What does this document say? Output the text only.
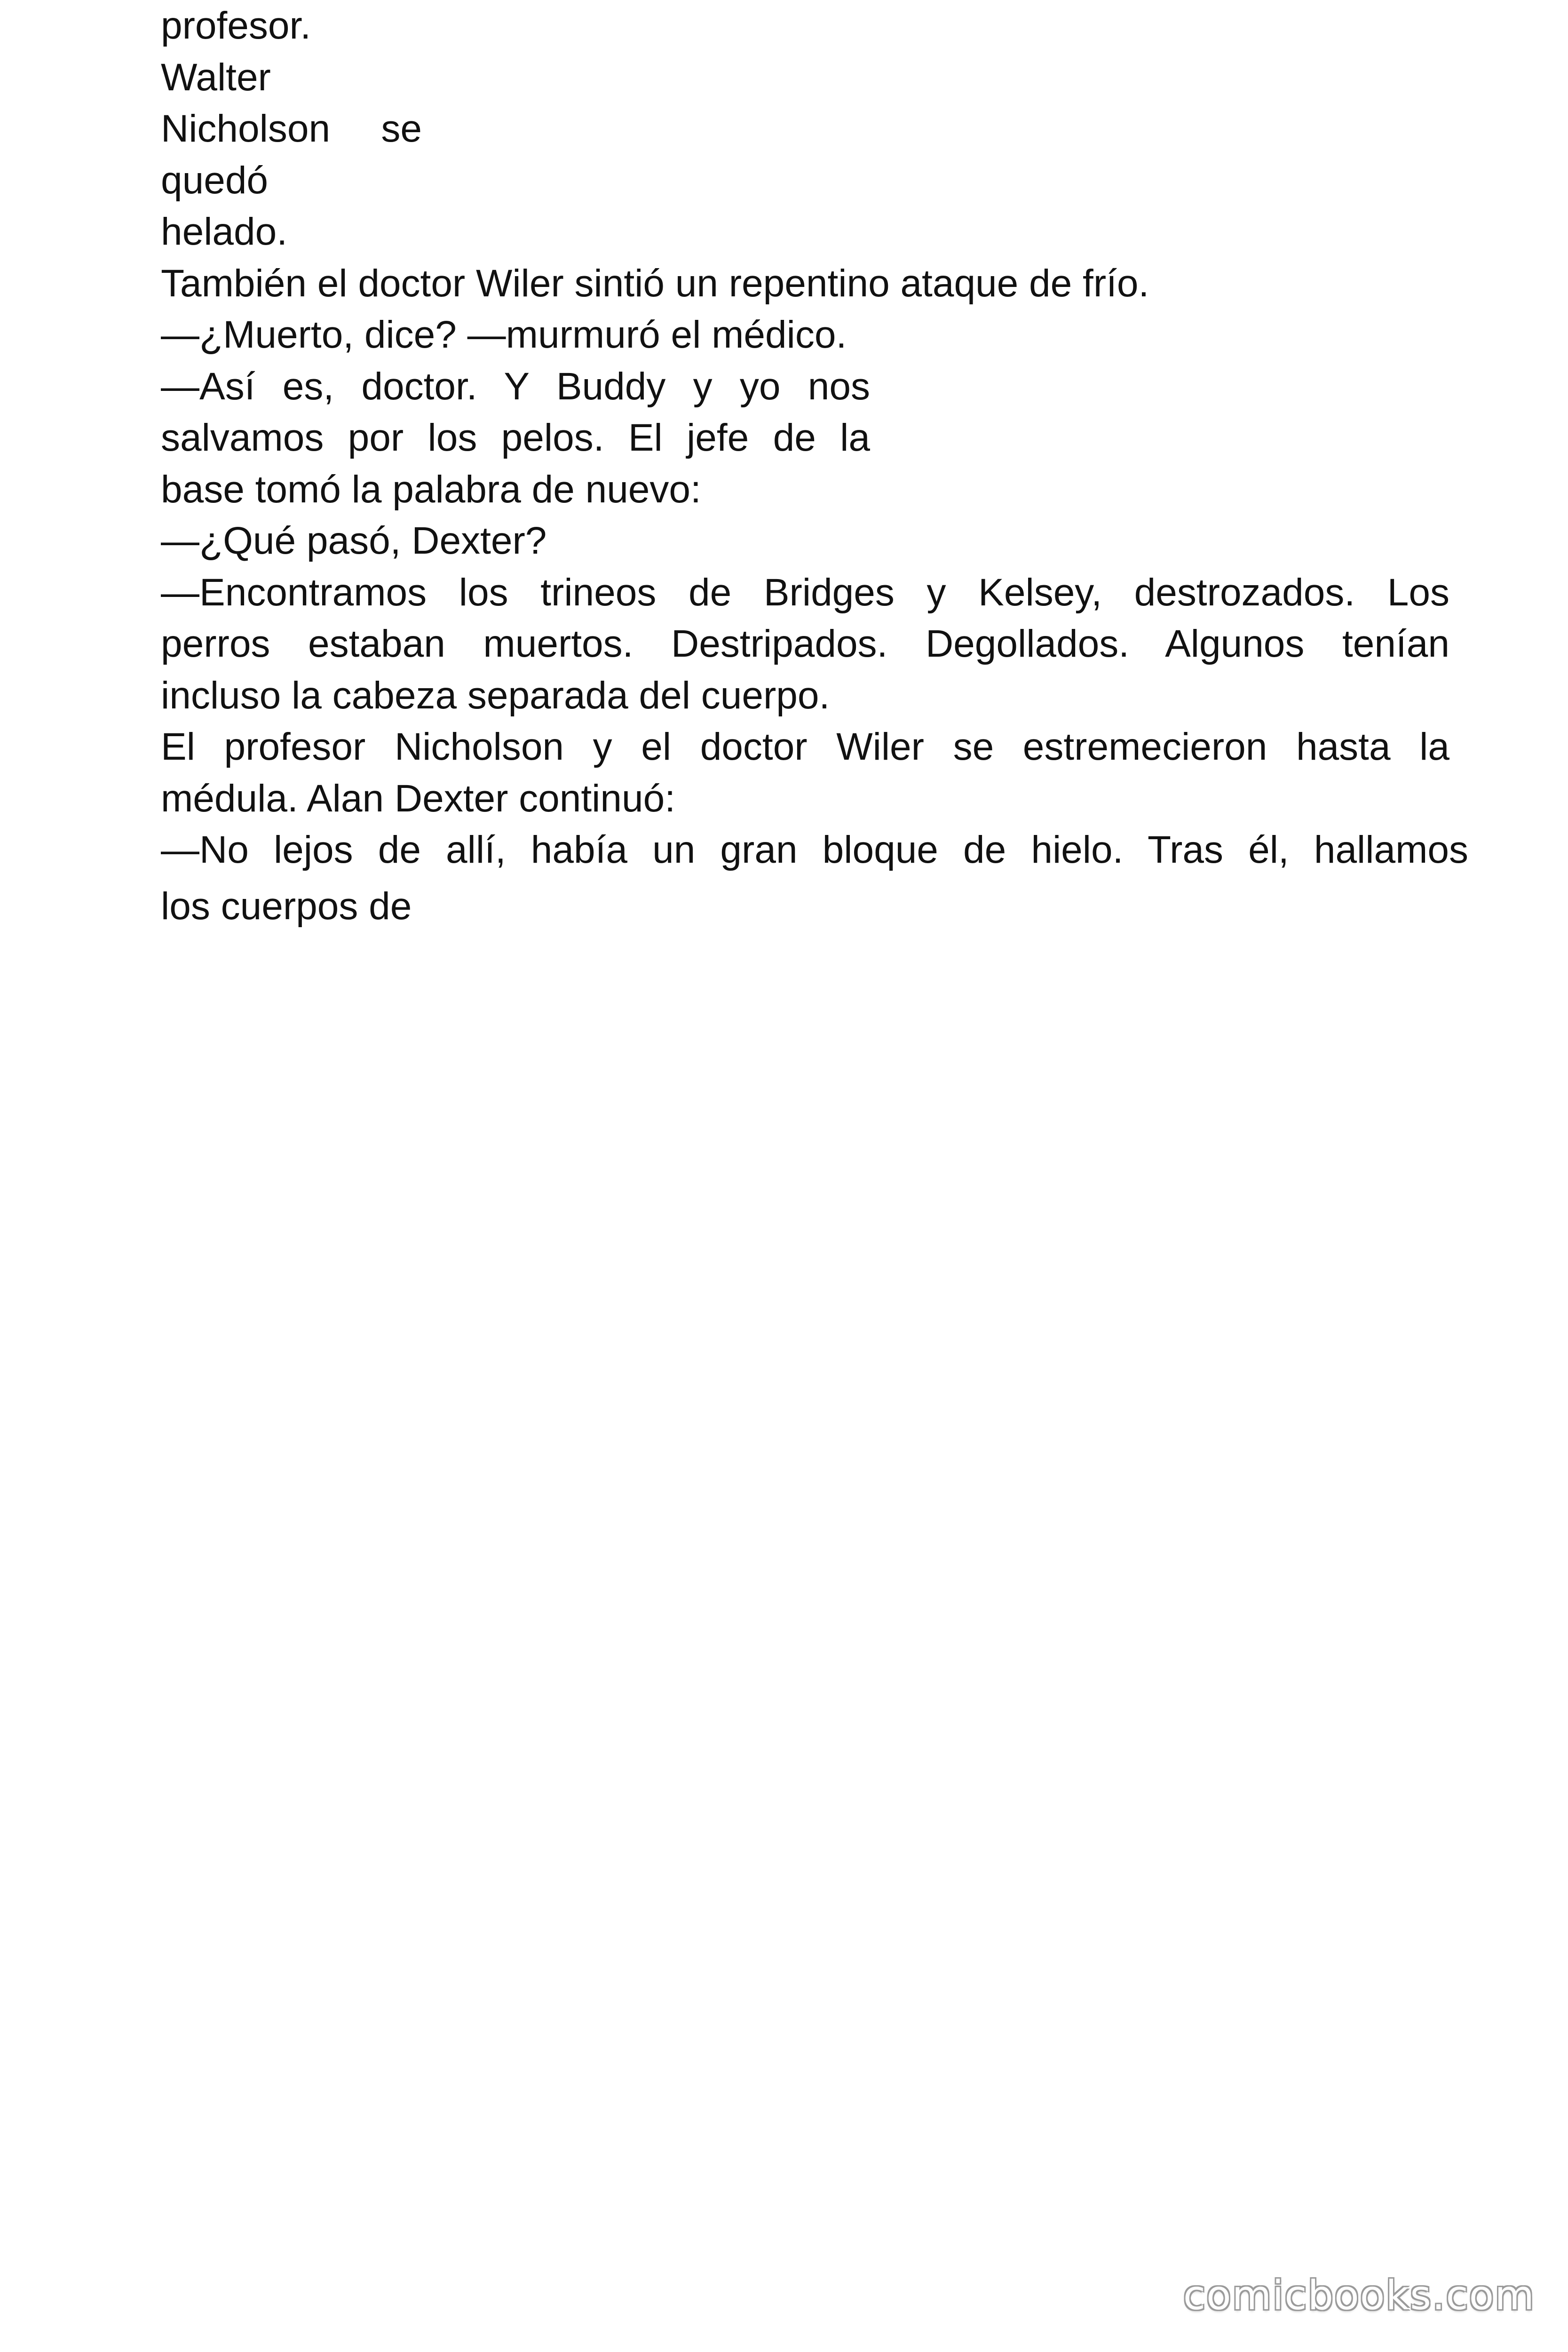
profesor.
Walter
Nicholson se
quedó
helado.
También el doctor Wiler sintió un repentino ataque de frío.
—¿Muerto, dice? —murmuró el médico.
—Así es, doctor. Y Buddy y yo nos
salvamos por los pelos. El jefe de la
base tomó la palabra de nuevo:
—¿Qué pasó, Dexter?
—Encontramos los trineos de Bridges y Kelsey, destrozados. Los
perros estaban muertos. Destripados. Degollados. Algunos tenían
incluso la cabeza separada del cuerpo.
El profesor Nicholson y el doctor Wiler se estremecieron hasta la
médula. Alan Dexter continuó:
—No lejos de allí, había un gran bloque de hielo. Tras él, hallamos
los cuerpos de
comicbooks.com
